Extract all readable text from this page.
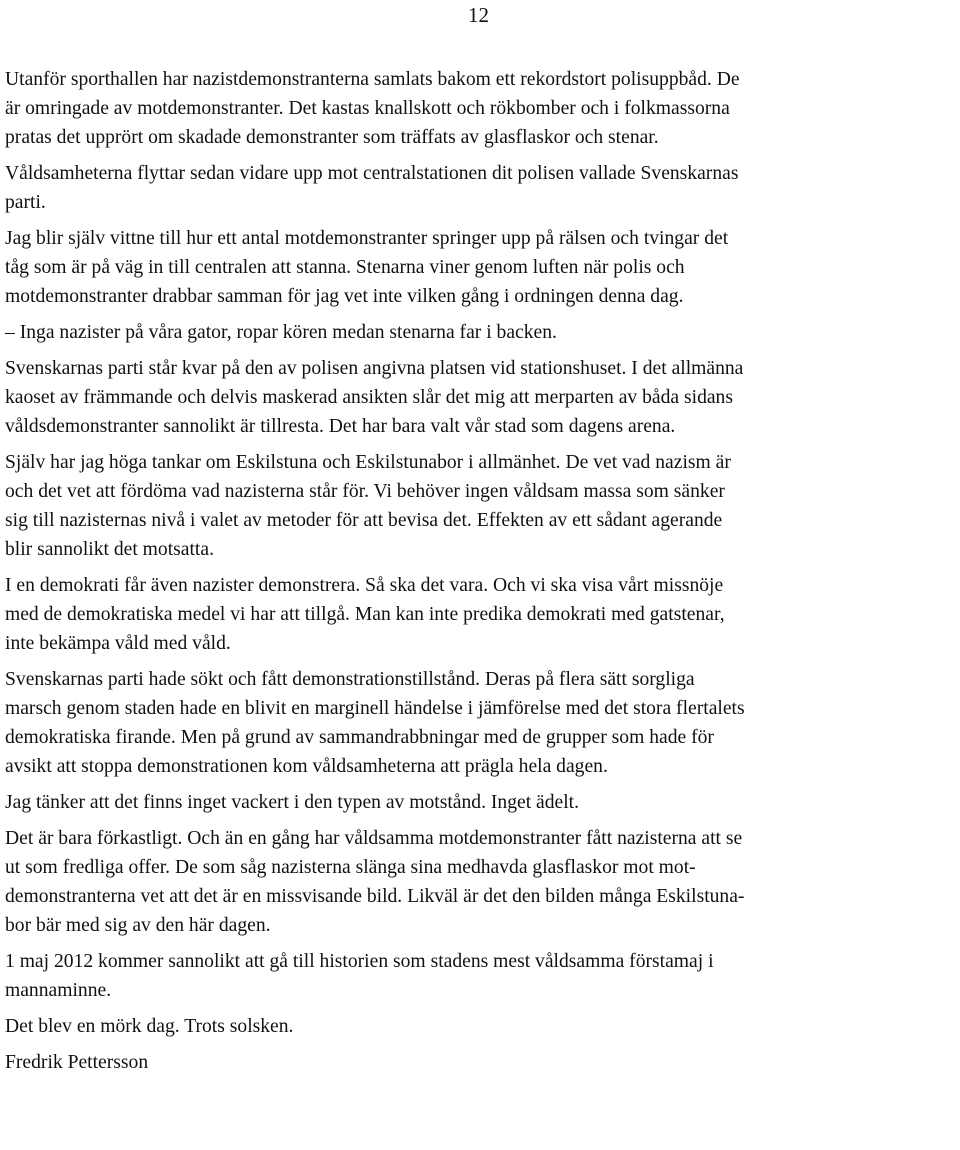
12

Utanför sporthallen har nazistdemonstranterna samlats bakom ett rekordstort polisuppbåd. De
är omringade av motdemonstranter. Det kastas knallskott och rökbomber och i folkmassorna
pratas det upprört om skadade demonstranter som träffats av glasflaskor och stenar.

Våldsamheterna flyttar sedan vidare upp mot centralstationen dit polisen vallade Svenskarnas
parti.

Jag blir själv vittne till hur ett antal motdemonstranter springer upp på rälsen och tvingar det
tåg som är på väg in till centralen att stanna. Stenarna viner genom luften när polis och
motdemonstranter drabbar samman för jag vet inte vilken gång i ordningen denna dag.

– Inga nazister på våra gator, ropar kören medan stenarna far i backen.

Svenskarnas parti står kvar på den av polisen angivna platsen vid stationshuset. I det allmänna
kaoset av främmande och delvis maskerad ansikten slår det mig att merparten av båda sidans
våldsdemonstranter sannolikt är tillresta. Det har bara valt vår stad som dagens arena.

Själv har jag höga tankar om Eskilstuna och Eskilstunabor i allmänhet. De vet vad nazism är
och det vet att fördöma vad nazisterna står för. Vi behöver ingen våldsam massa som sänker
sig till nazisternas nivå i valet av metoder för att bevisa det. Effekten av ett sådant agerande
blir sannolikt det motsatta.

I en demokrati får även nazister demonstrera. Så ska det vara. Och vi ska visa vårt missnöje
med de demokratiska medel vi har att tillgå. Man kan inte predika demokrati med gatstenar,
inte bekämpa våld med våld.

Svenskarnas parti hade sökt och fått demonstrationstillstånd. Deras på flera sätt sorgliga
marsch genom staden hade en blivit en marginell händelse i jämförelse med det stora flertalets
demokratiska firande. Men på grund av sammandrabbningar med de grupper som hade för
avsikt att stoppa demonstrationen kom våldsamheterna att prägla hela dagen.

Jag tänker att det finns inget vackert i den typen av motstånd. Inget ädelt.

Det är bara förkastligt. Och än en gång har våldsamma motdemonstranter fått nazisterna att se
ut som fredliga offer. De som såg nazisterna slänga sina medhavda glasflaskor mot mot-
demonstranterna vet att det är en missvisande bild. Likväl är det den bilden många Eskilstuna-
bor bär med sig av den här dagen.

1 maj 2012 kommer sannolikt att gå till historien som stadens mest våldsamma förstamaj i
mannaminne.

Det blev en mörk dag. Trots solsken.

Fredrik Pettersson
